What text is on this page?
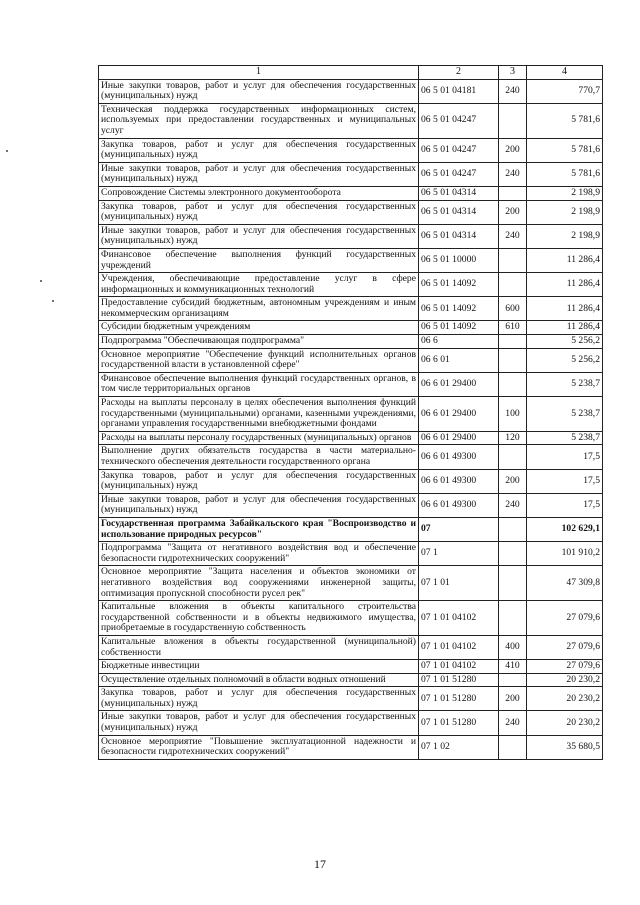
1	2	3	4
Иные закупки товаров, работ и услуг для обеспечения государственных (муниципальных) нужд	06 5 01 04181	240	770,7
Техническая поддержка государственных информационных систем, используемых при предоставлении государственных и муниципальных услуг	06 5 01 04247		5 781,6
Закупка товаров, работ и услуг для обеспечения государственных (муниципальных) нужд	06 5 01 04247	200	5 781,6
Иные закупки товаров, работ и услуг для обеспечения государственных (муниципальных) нужд	06 5 01 04247	240	5 781,6
Сопровождение Системы электронного документооборота	06 5 01 04314		2 198,9
Закупка товаров, работ и услуг для обеспечения государственных (муниципальных) нужд	06 5 01 04314	200	2 198,9
Иные закупки товаров, работ и услуг для обеспечения государственных (муниципальных) нужд	06 5 01 04314	240	2 198,9
Финансовое обеспечение выполнения функций государственных учреждений	06 5 01 10000		11 286,4
Учреждения, обеспечивающие предоставление услуг в сфере информационных и коммуникационных технологий	06 5 01 14092		11 286,4
Предоставление субсидий бюджетным, автономным учреждениям и иным некоммерческим организациям	06 5 01 14092	600	11 286,4
Субсидии бюджетным учреждениям	06 5 01 14092	610	11 286,4
Подпрограмма "Обеспечивающая подпрограмма"	06 6		5 256,2
Основное мероприятие "Обеспечение функций исполнительных органов государственной власти в установленной сфере"	06 6 01		5 256,2
Финансовое обеспечение выполнения функций государственных органов, в том числе территориальных органов	06 6 01 29400		5 238,7
Расходы на выплаты персоналу в целях обеспечения выполнения функций государственными (муниципальными) органами, казенными учреждениями, органами управления государственными внебюджетными фондами	06 6 01 29400	100	5 238,7
Расходы на выплаты персоналу государственных (муниципальных) органов	06 6 01 29400	120	5 238,7
Выполнение других обязательств государства в части материально-технического обеспечения деятельности государственного органа	06 6 01 49300		17,5
Закупка товаров, работ и услуг для обеспечения государственных (муниципальных) нужд	06 6 01 49300	200	17,5
Иные закупки товаров, работ и услуг для обеспечения государственных (муниципальных) нужд	06 6 01 49300	240	17,5
Государственная программа Забайкальского края "Воспроизводство и использование природных ресурсов"	07		102 629,1
Подпрограмма "Защита от негативного воздействия вод и обеспечение безопасности гидротехнических сооружений"	07 1		101 910,2
Основное мероприятие "Защита населения и объектов экономики от негативного воздействия вод сооружениями инженерной защиты, оптимизация пропускной способности русел рек"	07 1 01		47 309,8
Капитальные вложения в объекты капитального строительства государственной собственности и в объекты недвижимого имущества, приобретаемые в государственную собственность	07 1 01 04102		27 079,6
Капитальные вложения в объекты государственной (муниципальной) собственности	07 1 01 04102	400	27 079,6
Бюджетные инвестиции	07 1 01 04102	410	27 079,6
Осуществление отдельных полномочий в области водных отношений	07 1 01 51280		20 230,2
Закупка товаров, работ и услуг для обеспечения государственных (муниципальных) нужд	07 1 01 51280	200	20 230,2
Иные закупки товаров, работ и услуг для обеспечения государственных (муниципальных) нужд	07 1 01 51280	240	20 230,2
Основное мероприятие "Повышение эксплуатационной надежности и безопасности гидротехнических сооружений"	07 1 02		35 680,5
17
